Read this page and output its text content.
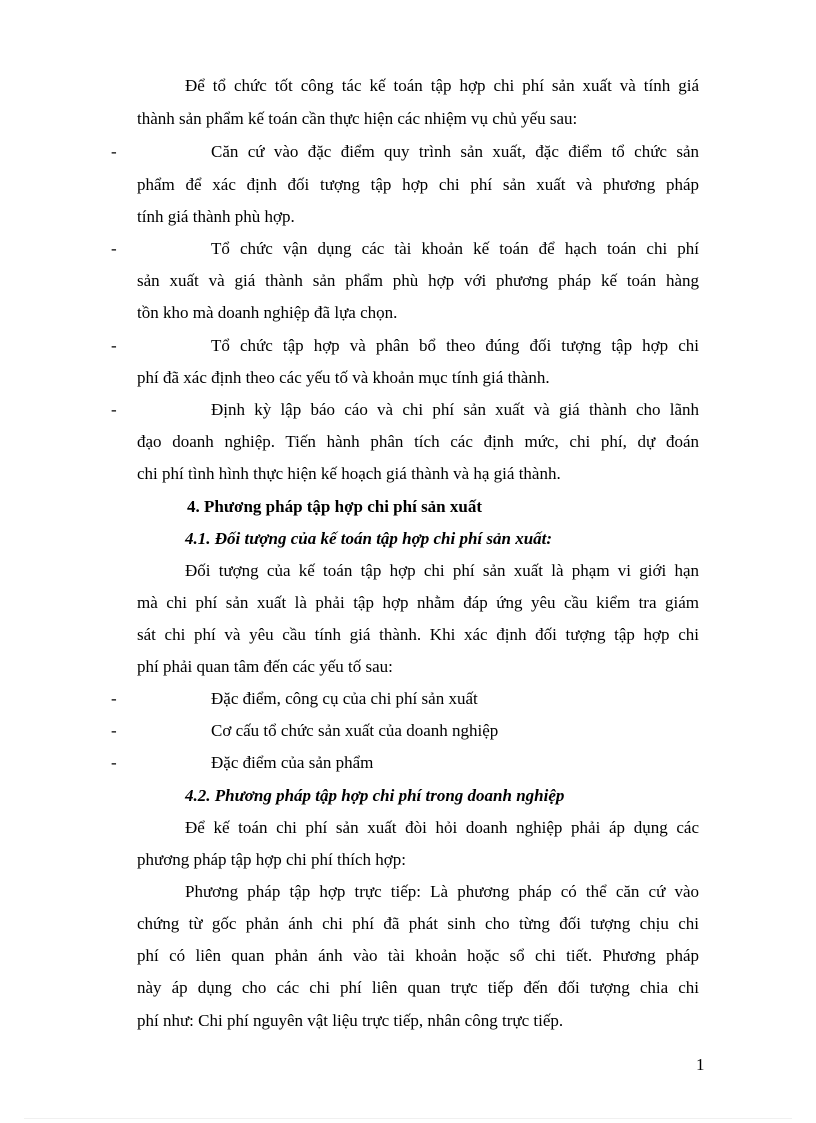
Để tổ chức tốt công tác kế toán tập hợp chi phí sản xuất và tính giá

thành sản phẩm kế toán cần thực hiện các nhiệm vụ chủ yếu sau:

-	Căn cứ vào đặc điểm quy trình sản xuất, đặc điểm tổ chức sản

phẩm để xác định đối tượng tập hợp chi phí sản xuất và phương pháp

tính giá thành phù hợp.

-	Tổ chức vận dụng các tài khoản kế toán để hạch toán chi phí

sản xuất và giá thành sản phẩm phù hợp với phương pháp kế toán hàng

tồn kho mà doanh nghiệp đã lựa chọn.

-	Tổ chức tập hợp và phân bổ theo đúng đối tượng tập hợp chi

phí đã xác định theo các yếu tố và khoản mục tính giá thành.

-	Định kỳ lập báo cáo và chi phí sản xuất và giá thành cho lãnh

đạo doanh nghiệp. Tiến hành phân tích các định mức, chi phí, dự đoán

chi phí tình hình thực hiện kế hoạch giá thành và hạ giá thành.

4. Phương pháp tập hợp chi phí sản xuất

4.1. Đối tượng của kế toán tập hợp chi phí sản xuất:

Đối tượng của kế toán tập hợp chi phí sản xuất là phạm vi giới hạn

mà chi phí sản xuất là phải tập hợp nhằm đáp ứng yêu cầu kiểm tra giám

sát chi phí và yêu cầu tính giá thành. Khi xác định đối tượng tập hợp chi

phí phải quan tâm đến các yếu tố sau:

-	Đặc điểm, công cụ của chi phí sản xuất

-	Cơ cấu tổ chức sản xuất của doanh nghiệp

-	Đặc điểm của sản phẩm

4.2. Phương pháp tập hợp chi phí trong doanh nghiệp

Để kế toán chi phí sản xuất đòi hỏi doanh nghiệp phải áp dụng các

phương pháp tập hợp chi phí thích hợp:

Phương pháp tập hợp trực tiếp: Là phương pháp có thể căn cứ vào

chứng từ gốc phản ánh chi phí đã phát sinh cho từng đối tượng chịu chi

phí có liên quan phản ánh vào tài khoản hoặc sổ chi tiết. Phương pháp

này áp dụng cho các chi phí liên quan trực tiếp đến đối tượng chia chi

phí như: Chi phí nguyên vật liệu trực tiếp, nhân công trực tiếp.

1
